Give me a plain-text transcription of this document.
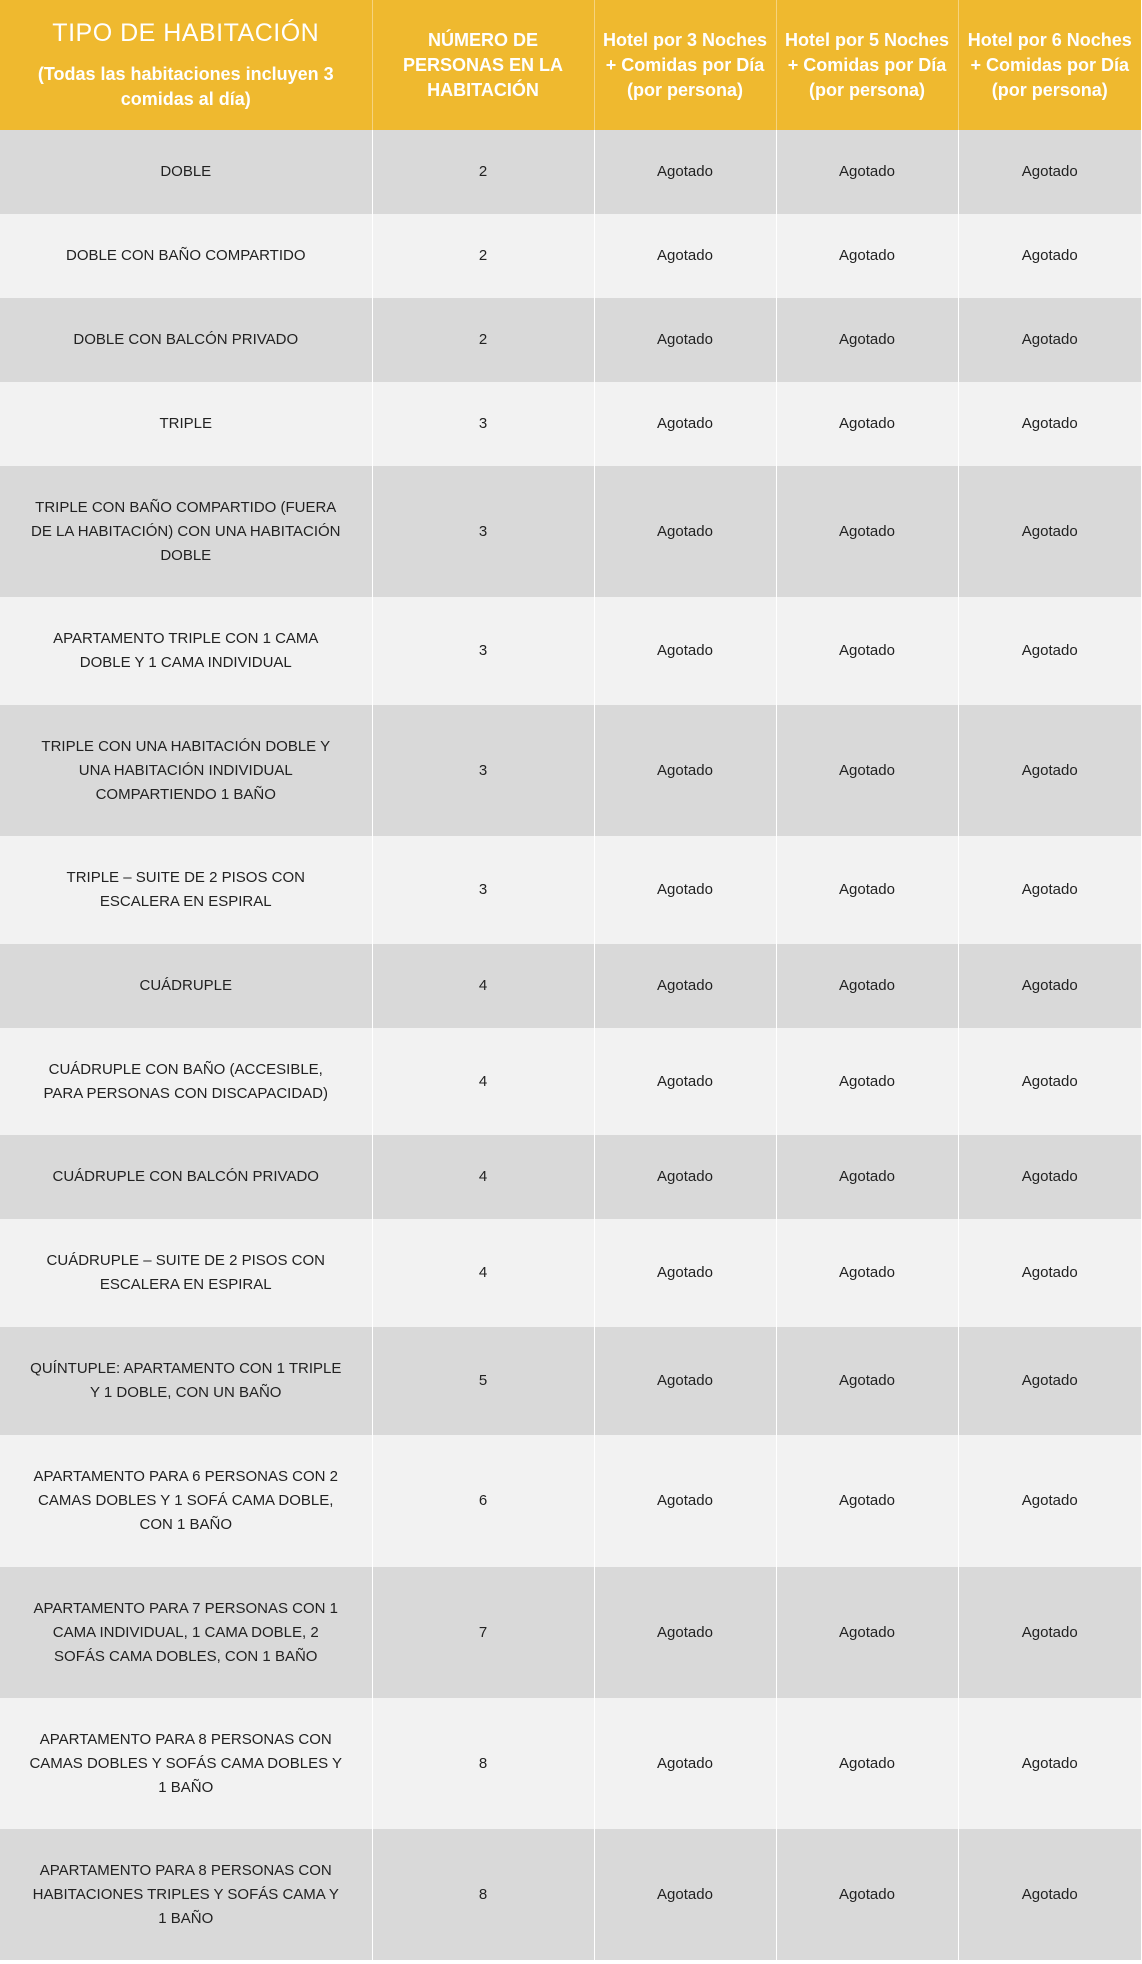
TIPO DE HABITACIÓN
(Todas las habitaciones incluyen 3 comidas al día)	NÚMERO DE PERSONAS EN LA HABITACIÓN	Hotel por 3 Noches + Comidas por Día (por persona)	Hotel por 5 Noches + Comidas por Día (por persona)	Hotel por 6 Noches + Comidas por Día (por persona)

DOBLE	2	Agotado	Agotado	Agotado
DOBLE CON BAÑO COMPARTIDO	2	Agotado	Agotado	Agotado
DOBLE CON BALCÓN PRIVADO	2	Agotado	Agotado	Agotado
TRIPLE	3	Agotado	Agotado	Agotado
TRIPLE CON BAÑO COMPARTIDO (FUERA DE LA HABITACIÓN) CON UNA HABITACIÓN DOBLE	3	Agotado	Agotado	Agotado
APARTAMENTO TRIPLE CON 1 CAMA DOBLE Y 1 CAMA INDIVIDUAL	3	Agotado	Agotado	Agotado
TRIPLE CON UNA HABITACIÓN DOBLE Y UNA HABITACIÓN INDIVIDUAL COMPARTIENDO 1 BAÑO	3	Agotado	Agotado	Agotado
TRIPLE – SUITE DE 2 PISOS CON ESCALERA EN ESPIRAL	3	Agotado	Agotado	Agotado
CUÁDRUPLE	4	Agotado	Agotado	Agotado
CUÁDRUPLE CON BAÑO (ACCESIBLE, PARA PERSONAS CON DISCAPACIDAD)	4	Agotado	Agotado	Agotado
CUÁDRUPLE CON BALCÓN PRIVADO	4	Agotado	Agotado	Agotado
CUÁDRUPLE – SUITE DE 2 PISOS CON ESCALERA EN ESPIRAL	4	Agotado	Agotado	Agotado
QUÍNTUPLE: APARTAMENTO CON 1 TRIPLE Y 1 DOBLE, CON UN BAÑO	5	Agotado	Agotado	Agotado
APARTAMENTO PARA 6 PERSONAS CON 2 CAMAS DOBLES Y 1 SOFÁ CAMA DOBLE, CON 1 BAÑO	6	Agotado	Agotado	Agotado
APARTAMENTO PARA 7 PERSONAS CON 1 CAMA INDIVIDUAL, 1 CAMA DOBLE, 2 SOFÁS CAMA DOBLES, CON 1 BAÑO	7	Agotado	Agotado	Agotado
APARTAMENTO PARA 8 PERSONAS CON CAMAS DOBLES Y SOFÁS CAMA DOBLES Y 1 BAÑO	8	Agotado	Agotado	Agotado
APARTAMENTO PARA 8 PERSONAS CON HABITACIONES TRIPLES Y SOFÁS CAMA Y 1 BAÑO	8	Agotado	Agotado	Agotado
